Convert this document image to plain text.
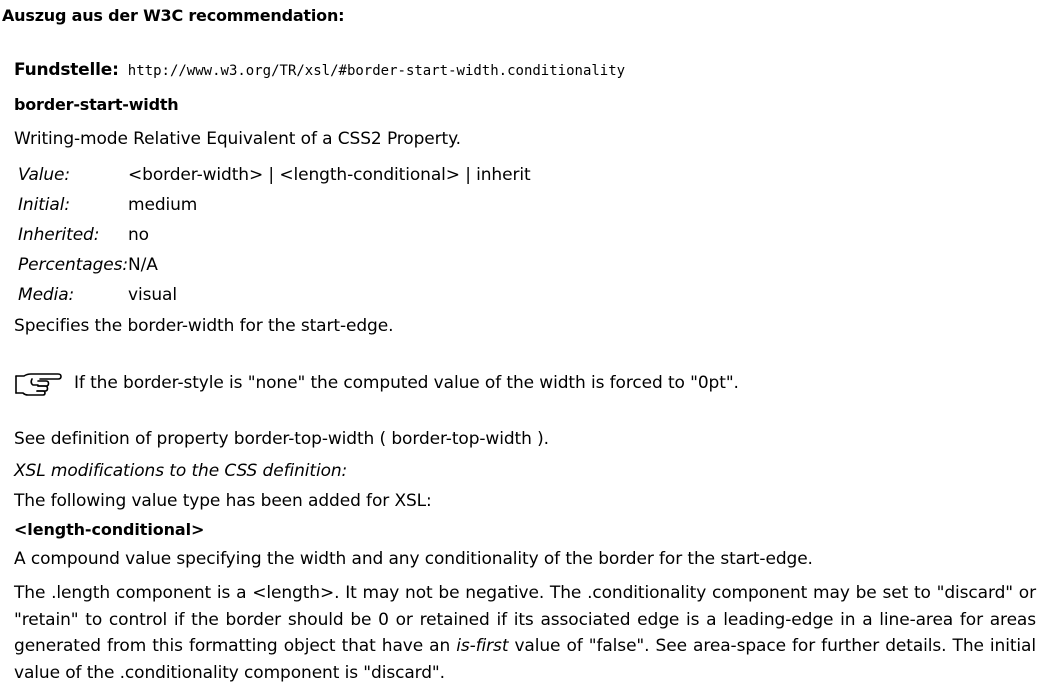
Auszug aus der W3C recommendation:
Fundstelle: http://www.w3.org/TR/xsl/#border-start-width.conditionality
border-start-width
Writing-mode Relative Equivalent of a CSS2 Property.
Value:	<border-width> | <length-conditional> | inherit
Initial:	medium
Inherited:	no
Percentages: N/A
Media:	visual
Specifies the border-width for the start-edge.
If the border-style is "none" the computed value of the width is forced to "0pt".
See definition of property border-top-width ( border-top-width ).
XSL modifications to the CSS definition:
The following value type has been added for XSL:
<length-conditional>
A compound value specifying the width and any conditionality of the border for the start-edge.
The .length component is a <length>. It may not be negative. The .conditionality component may be set to "discard" or "retain" to control if the border should be 0 or retained if its associated edge is a leading-edge in a line-area for areas generated from this formatting object that have an is-first value of "false". See area-space for further details. The initial value of the .conditionality component is "discard".
